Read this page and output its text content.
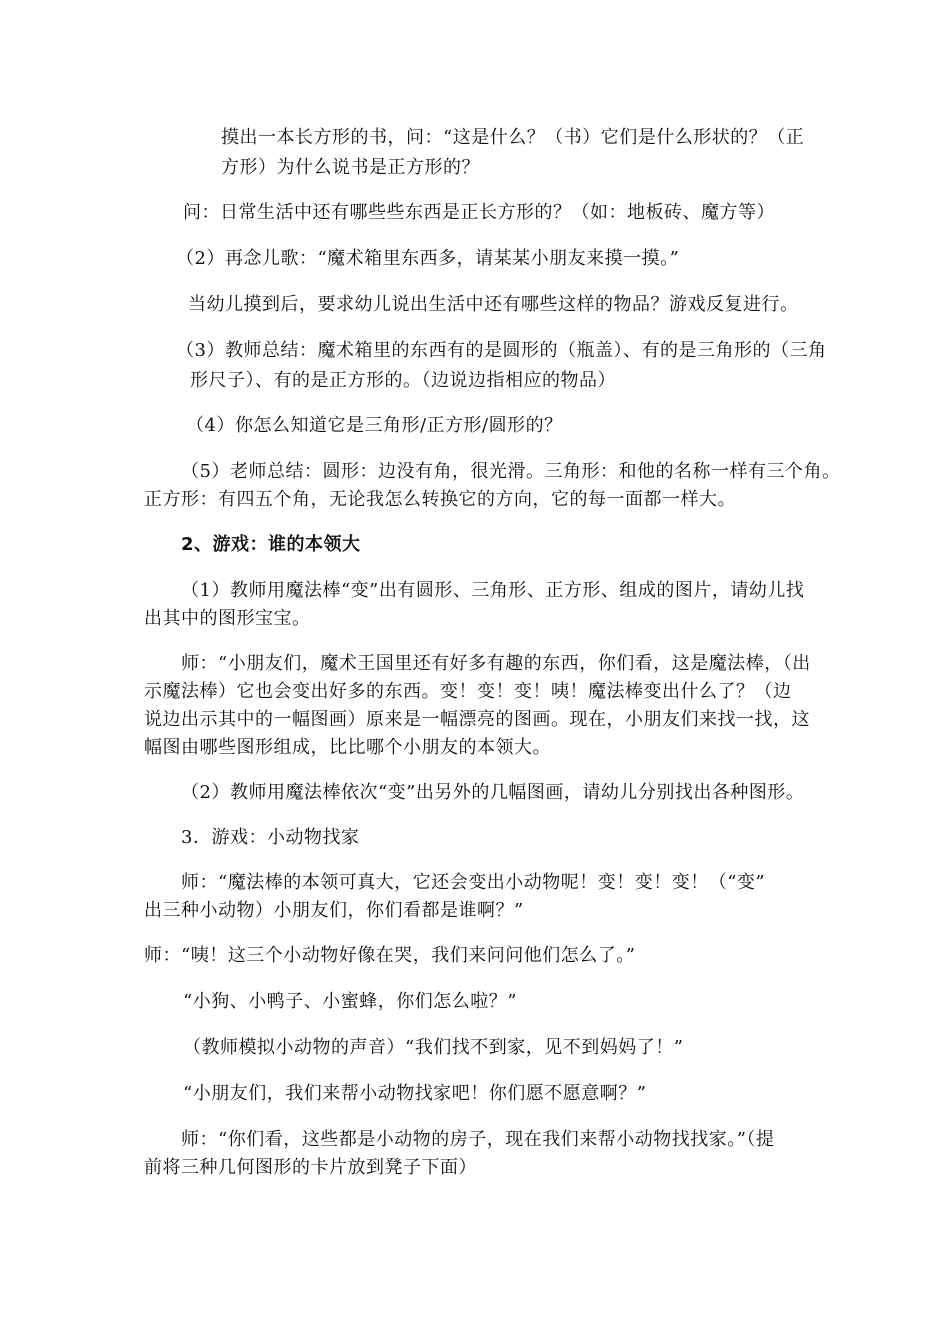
摸出一本长方形的书，问：“这是什么？（书）它们是什么形状的？（正

方形）为什么说书是正方形的？

问：日常生活中还有哪些些东西是正长方形的？（如：地板砖、魔方等）

（2）再念儿歌：“魔术箱里东西多，请某某小朋友来摸一摸。”

当幼儿摸到后，要求幼儿说出生活中还有哪些这样的物品？游戏反复进行。

（3）教师总结：魔术箱里的东西有的是圆形的（瓶盖）、有的是三角形的（三角

形尺子）、有的是正方形的。（边说边指相应的物品）

（4）你怎么知道它是三角形/正方形/圆形的？

（5）老师总结：圆形：边没有角，很光滑。三角形：和他的名称一样有三个角。

正方形：有四五个角，无论我怎么转换它的方向，它的每一面都一样大。

2、游戏：谁的本领大

（1）教师用魔法棒“变”出有圆形、三角形、正方形、组成的图片，请幼儿找

出其中的图形宝宝。

师：“小朋友们，魔术王国里还有好多有趣的东西，你们看，这是魔法棒，（出

示魔法棒）它也会变出好多的东西。变！变！变！咦！魔法棒变出什么了？（边

说边出示其中的一幅图画）原来是一幅漂亮的图画。现在，小朋友们来找一找，这

幅图由哪些图形组成，比比哪个小朋友的本领大。

（2）教师用魔法棒依次“变”出另外的几幅图画，请幼儿分别找出各种图形。

3．游戏：小动物找家

师：“魔法棒的本领可真大，它还会变出小动物呢！变！变！变！（“变”

出三种小动物）小朋友们，你们看都是谁啊？”

师：“咦！这三个小动物好像在哭，我们来问问他们怎么了。”

“小狗、小鸭子、小蜜蜂，你们怎么啦？”

（教师模拟小动物的声音）“我们找不到家，见不到妈妈了！”

“小朋友们，我们来帮小动物找家吧！你们愿不愿意啊？”

师：“你们看，这些都是小动物的房子，现在我们来帮小动物找找家。”（提

前将三种几何图形的卡片放到凳子下面）
